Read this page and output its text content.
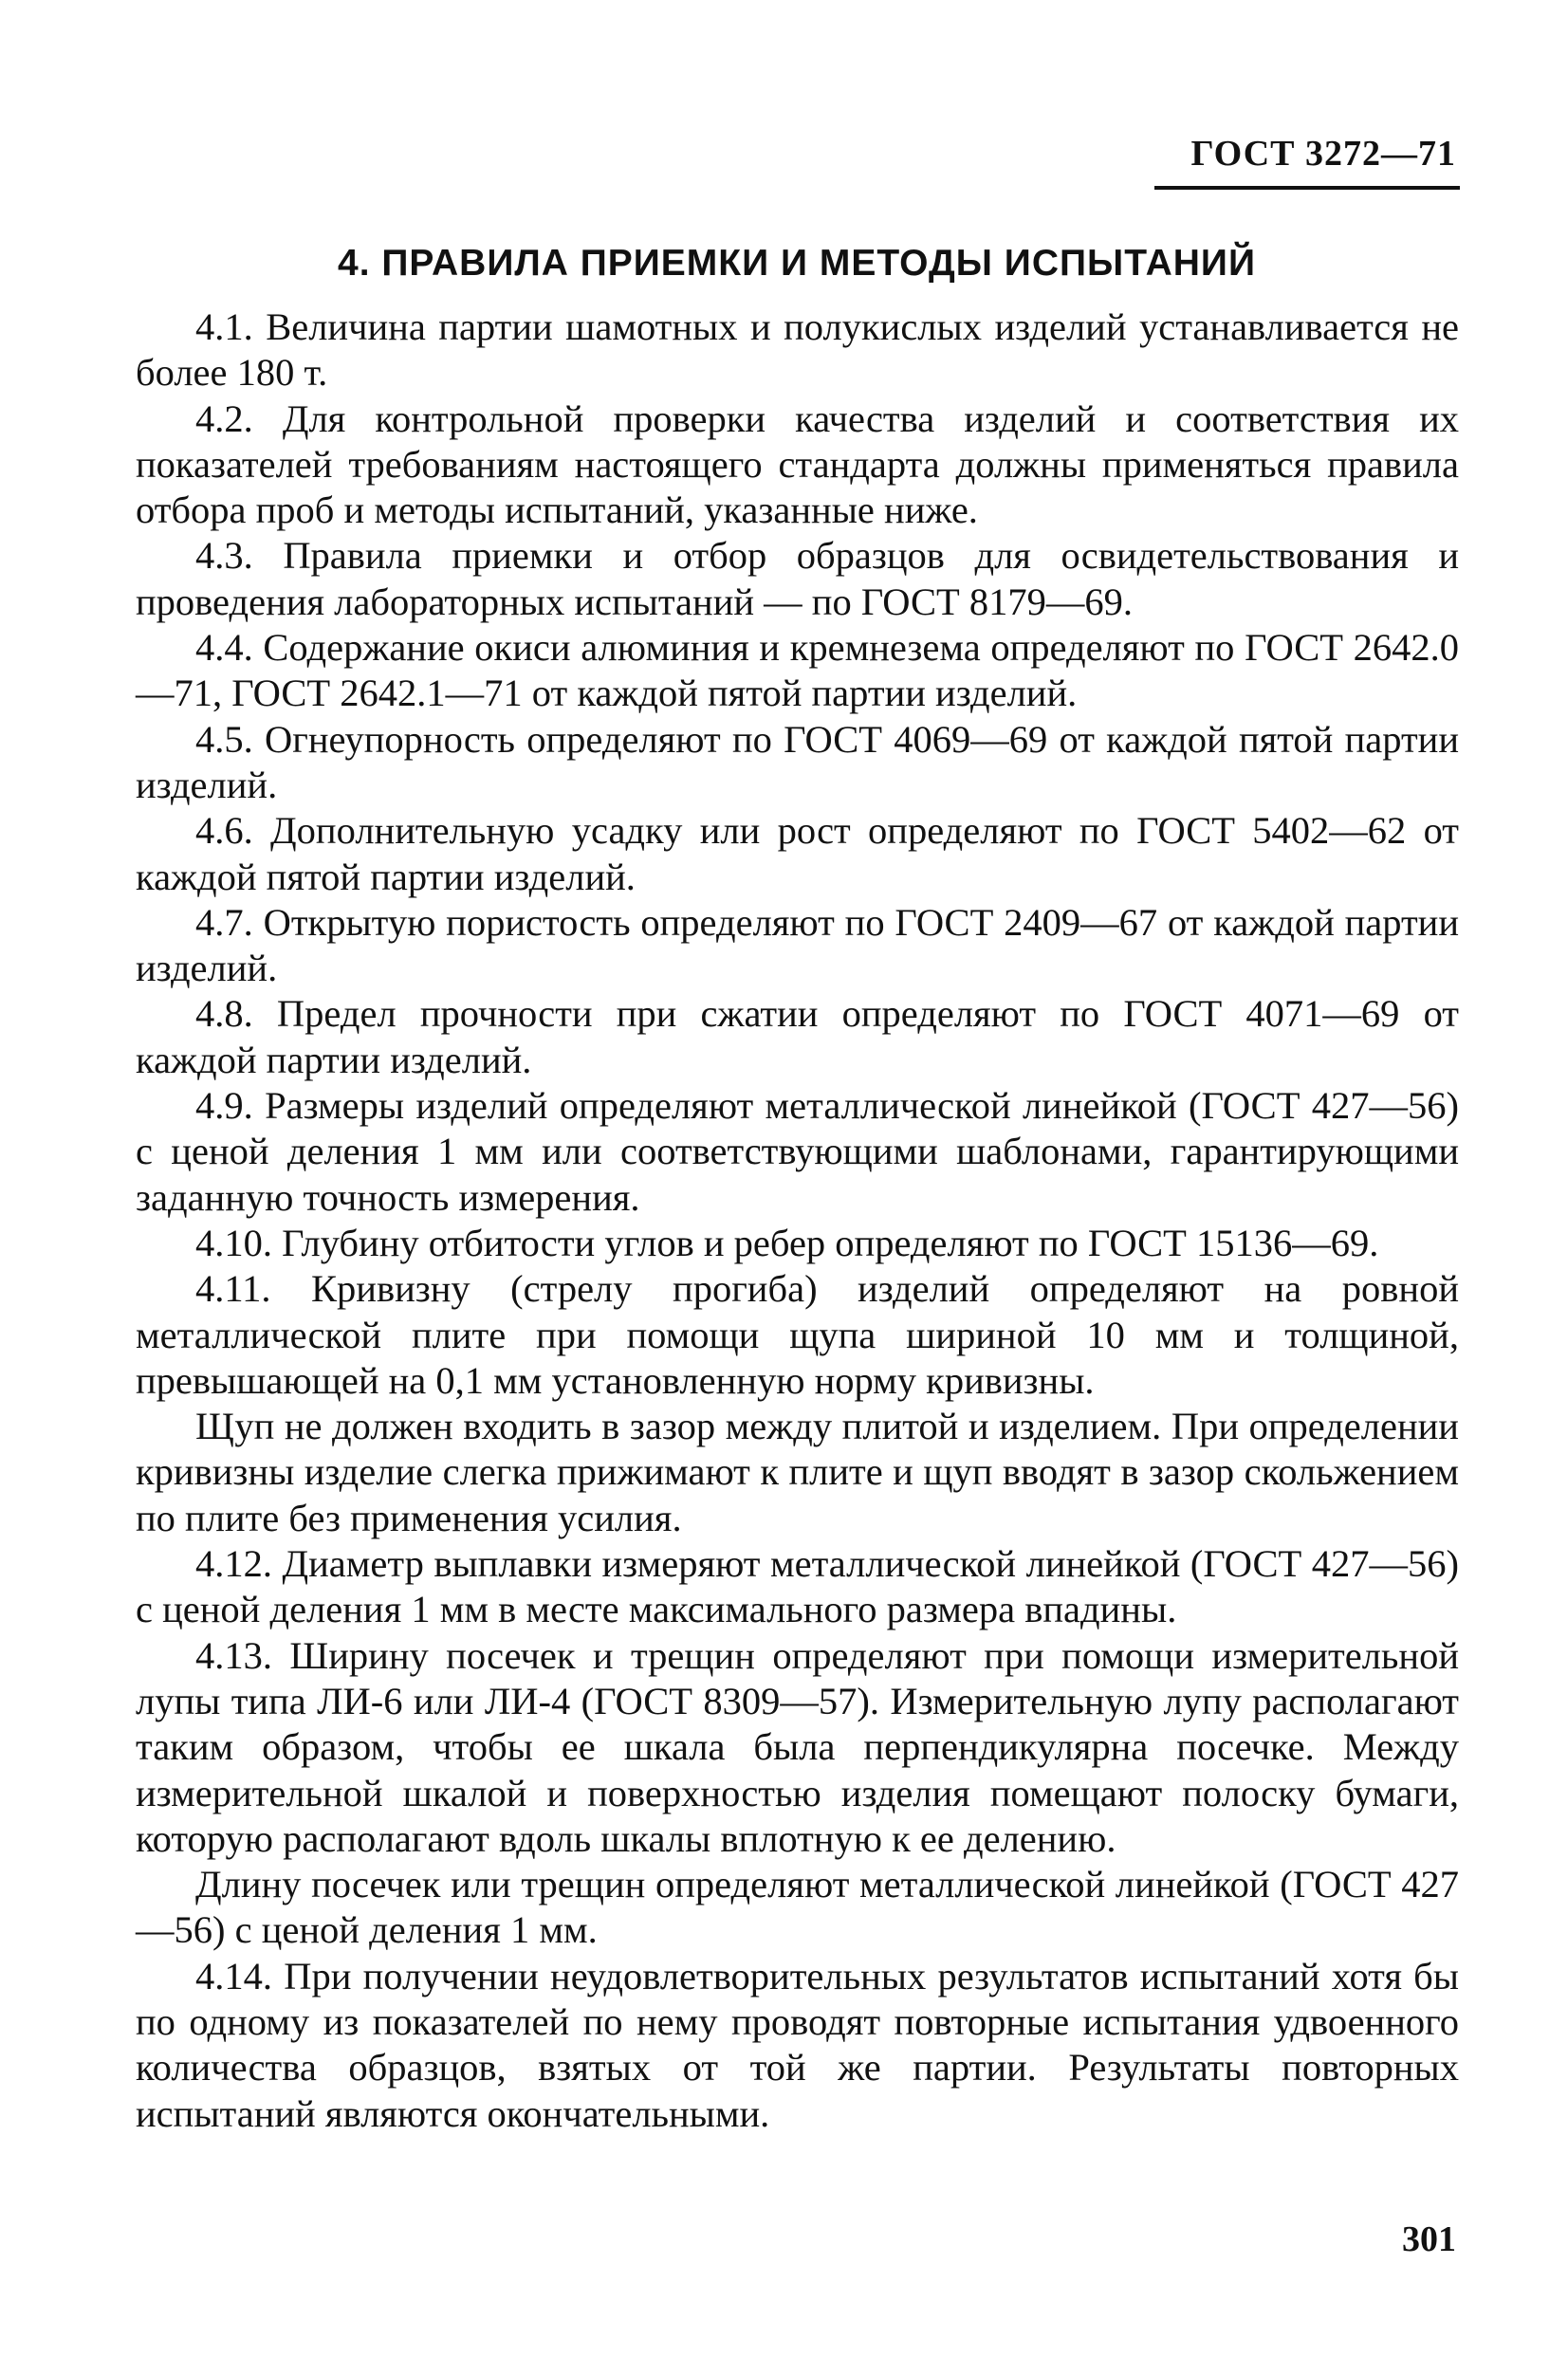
ГОСТ 3272—71
4. ПРАВИЛА ПРИЕМКИ И МЕТОДЫ ИСПЫТАНИЙ

4.1. Величина партии шамотных и полукислых изделий устанавливается не более 180 т.

4.2. Для контрольной проверки качества изделий и соответствия их показателей требованиям настоящего стандарта должны применяться правила отбора проб и методы испытаний, указанные ниже.

4.3. Правила приемки и отбор образцов для освидетельствования и проведения лабораторных испытаний — по ГОСТ 8179—69.

4.4. Содержание окиси алюминия и кремнезема определяют по ГОСТ 2642.0—71, ГОСТ 2642.1—71 от каждой пятой партии изделий.

4.5. Огнеупорность определяют по ГОСТ 4069—69 от каждой пятой партии изделий.

4.6. Дополнительную усадку или рост определяют по ГОСТ 5402—62 от каждой пятой партии изделий.

4.7. Открытую пористость определяют по ГОСТ 2409—67 от каждой партии изделий.

4.8. Предел прочности при сжатии определяют по ГОСТ 4071—69 от каждой партии изделий.

4.9. Размеры изделий определяют металлической линейкой (ГОСТ 427—56) с ценой деления 1 мм или соответствующими шаблонами, гарантирующими заданную точность измерения.

4.10. Глубину отбитости углов и ребер определяют по ГОСТ 15136—69.

4.11. Кривизну (стрелу прогиба) изделий определяют на ровной металлической плите при помощи щупа шириной 10 мм и толщиной, превышающей на 0,1 мм установленную норму кривизны.

Щуп не должен входить в зазор между плитой и изделием. При определении кривизны изделие слегка прижимают к плите и щуп вводят в зазор скольжением по плите без применения усилия.

4.12. Диаметр выплавки измеряют металлической линейкой (ГОСТ 427—56) с ценой деления 1 мм в месте максимального размера впадины.

4.13. Ширину посечек и трещин определяют при помощи измерительной лупы типа ЛИ-6 или ЛИ-4 (ГОСТ 8309—57). Измерительную лупу располагают таким образом, чтобы ее шкала была перпендикулярна посечке. Между измерительной шкалой и поверхностью изделия помещают полоску бумаги, которую располагают вдоль шкалы вплотную к ее делению.

Длину посечек или трещин определяют металлической линейкой (ГОСТ 427—56) с ценой деления 1 мм.

4.14. При получении неудовлетворительных результатов испытаний хотя бы по одному из показателей по нему проводят повторные испытания удвоенного количества образцов, взятых от той же партии. Результаты повторных испытаний являются окончательными.

301
